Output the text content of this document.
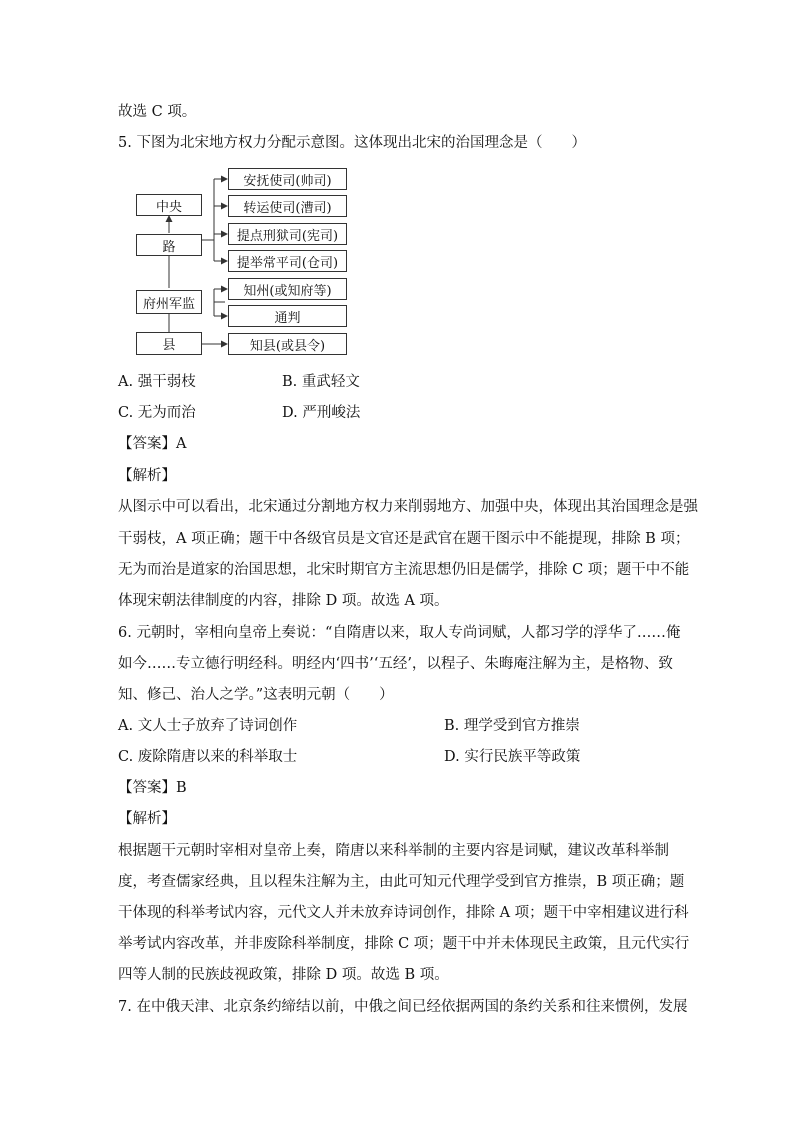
故选 C 项。
5. 下图为北宋地方权力分配示意图。这体现出北宋的治国理念是（　　）
中央
路
府州军监
县
安抚使司(帅司)
转运使司(漕司)
提点刑狱司(宪司)
提举常平司(仓司)
知州(或知府等)
通判
知县(或县令)
A. 强干弱枝	B. 重武轻文
C. 无为而治	D. 严刑峻法
【答案】A
【解析】
从图示中可以看出，北宋通过分割地方权力来削弱地方、加强中央，体现出其治国理念是强
干弱枝，A 项正确；题干中各级官员是文官还是武官在题干图示中不能提现，排除 B 项；
无为而治是道家的治国思想，北宋时期官方主流思想仍旧是儒学，排除 C 项；题干中不能
体现宋朝法律制度的内容，排除 D 项。故选 A 项。
6. 元朝时，宰相向皇帝上奏说：“自隋唐以来，取人专尚词赋，人都习学的浮华了……俺
如今……专立德行明经科。明经内‘四书’‘五经’，以程子、朱晦庵注解为主，是格物、致
知、修己、治人之学。”这表明元朝（　　）
A. 文人士子放弃了诗词创作	B. 理学受到官方推崇
C. 废除隋唐以来的科举取士	D. 实行民族平等政策
【答案】B
【解析】
根据题干元朝时宰相对皇帝上奏，隋唐以来科举制的主要内容是词赋，建议改革科举制
度，考查儒家经典，且以程朱注解为主，由此可知元代理学受到官方推崇，B 项正确；题
干体现的科举考试内容，元代文人并未放弃诗词创作，排除 A 项；题干中宰相建议进行科
举考试内容改革，并非废除科举制度，排除 C 项；题干中并未体现民主政策，且元代实行
四等人制的民族歧视政策，排除 D 项。故选 B 项。
7. 在中俄天津、北京条约缔结以前，中俄之间已经依据两国的条约关系和往来惯例，发展
